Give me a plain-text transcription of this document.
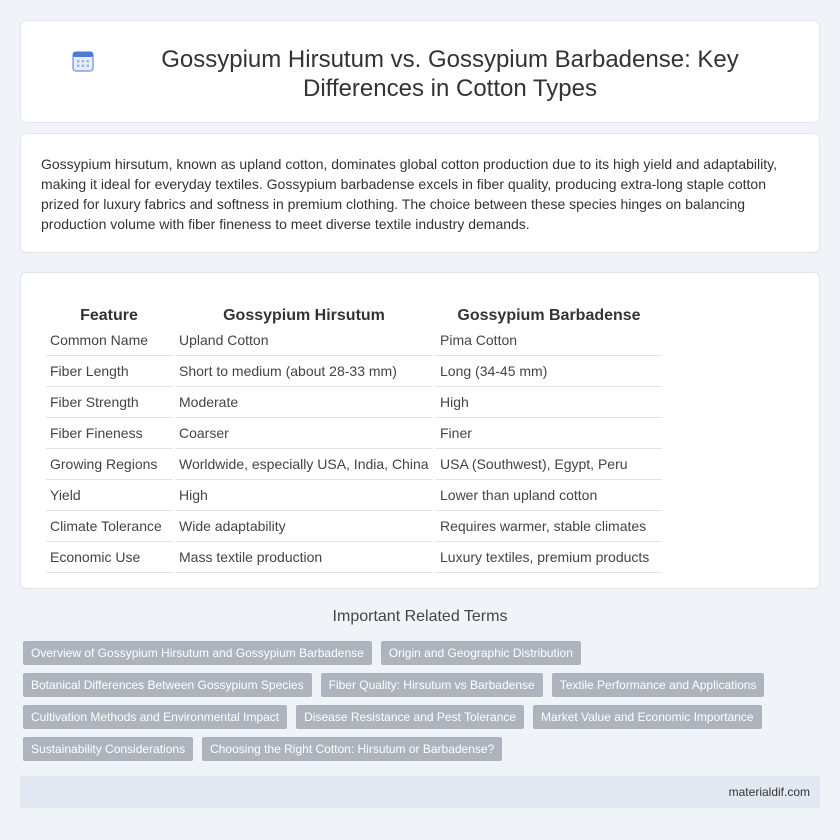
Gossypium Hirsutum vs. Gossypium Barbadense: Key Differences in Cotton Types

Gossypium hirsutum, known as upland cotton, dominates global cotton production due to its high yield and adaptability, making it ideal for everyday textiles. Gossypium barbadense excels in fiber quality, producing extra-long staple cotton prized for luxury fabrics and softness in premium clothing. The choice between these species hinges on balancing production volume with fiber fineness to meet diverse textile industry demands.

Feature	Gossypium Hirsutum	Gossypium Barbadense
Common Name	Upland Cotton	Pima Cotton
Fiber Length	Short to medium (about 28-33 mm)	Long (34-45 mm)
Fiber Strength	Moderate	High
Fiber Fineness	Coarser	Finer
Growing Regions	Worldwide, especially USA, India, China	USA (Southwest), Egypt, Peru
Yield	High	Lower than upland cotton
Climate Tolerance	Wide adaptability	Requires warmer, stable climates
Economic Use	Mass textile production	Luxury textiles, premium products
Important Related Terms
Overview of Gossypium Hirsutum and Gossypium Barbadense	Origin and Geographic Distribution
Botanical Differences Between Gossypium Species	Fiber Quality: Hirsutum vs Barbadense	Textile Performance and Applications
Cultivation Methods and Environmental Impact	Disease Resistance and Pest Tolerance	Market Value and Economic Importance
Sustainability Considerations	Choosing the Right Cotton: Hirsutum or Barbadense?
materialdif.com
